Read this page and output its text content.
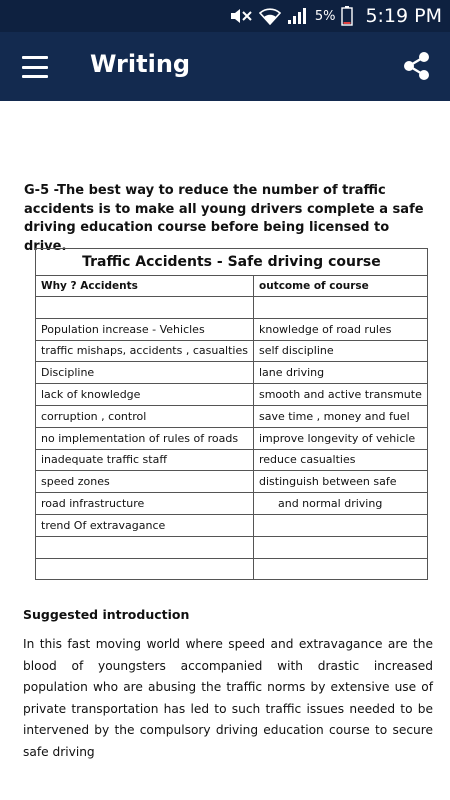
5% 5:19 PM
Writing
G-5 -The best way to reduce the number of traffic accidents is to make all young drivers complete a safe driving education course before being licensed to drive.
Traffic Accidents - Safe driving course	
Why ? Accidents	outcome of course

Population increase - Vehicles	knowledge of road rules
traffic mishaps, accidents , casualties	self discipline
Discipline	lane driving
lack of knowledge	smooth and active transmute
corruption , control	save time , money and fuel
no implementation of rules of roads	improve longevity of vehicle
inadequate traffic staff	reduce casualties
speed zones	distinguish between safe
road infrastructure	and normal driving
trend Of extravagance	

Suggested introduction
In this fast moving world where speed and extravagance are the blood of youngsters accompanied with drastic increased population who are abusing the traffic norms by extensive use of private transportation has led to such traffic issues needed to be intervened by the compulsory driving education course to secure safe driving
